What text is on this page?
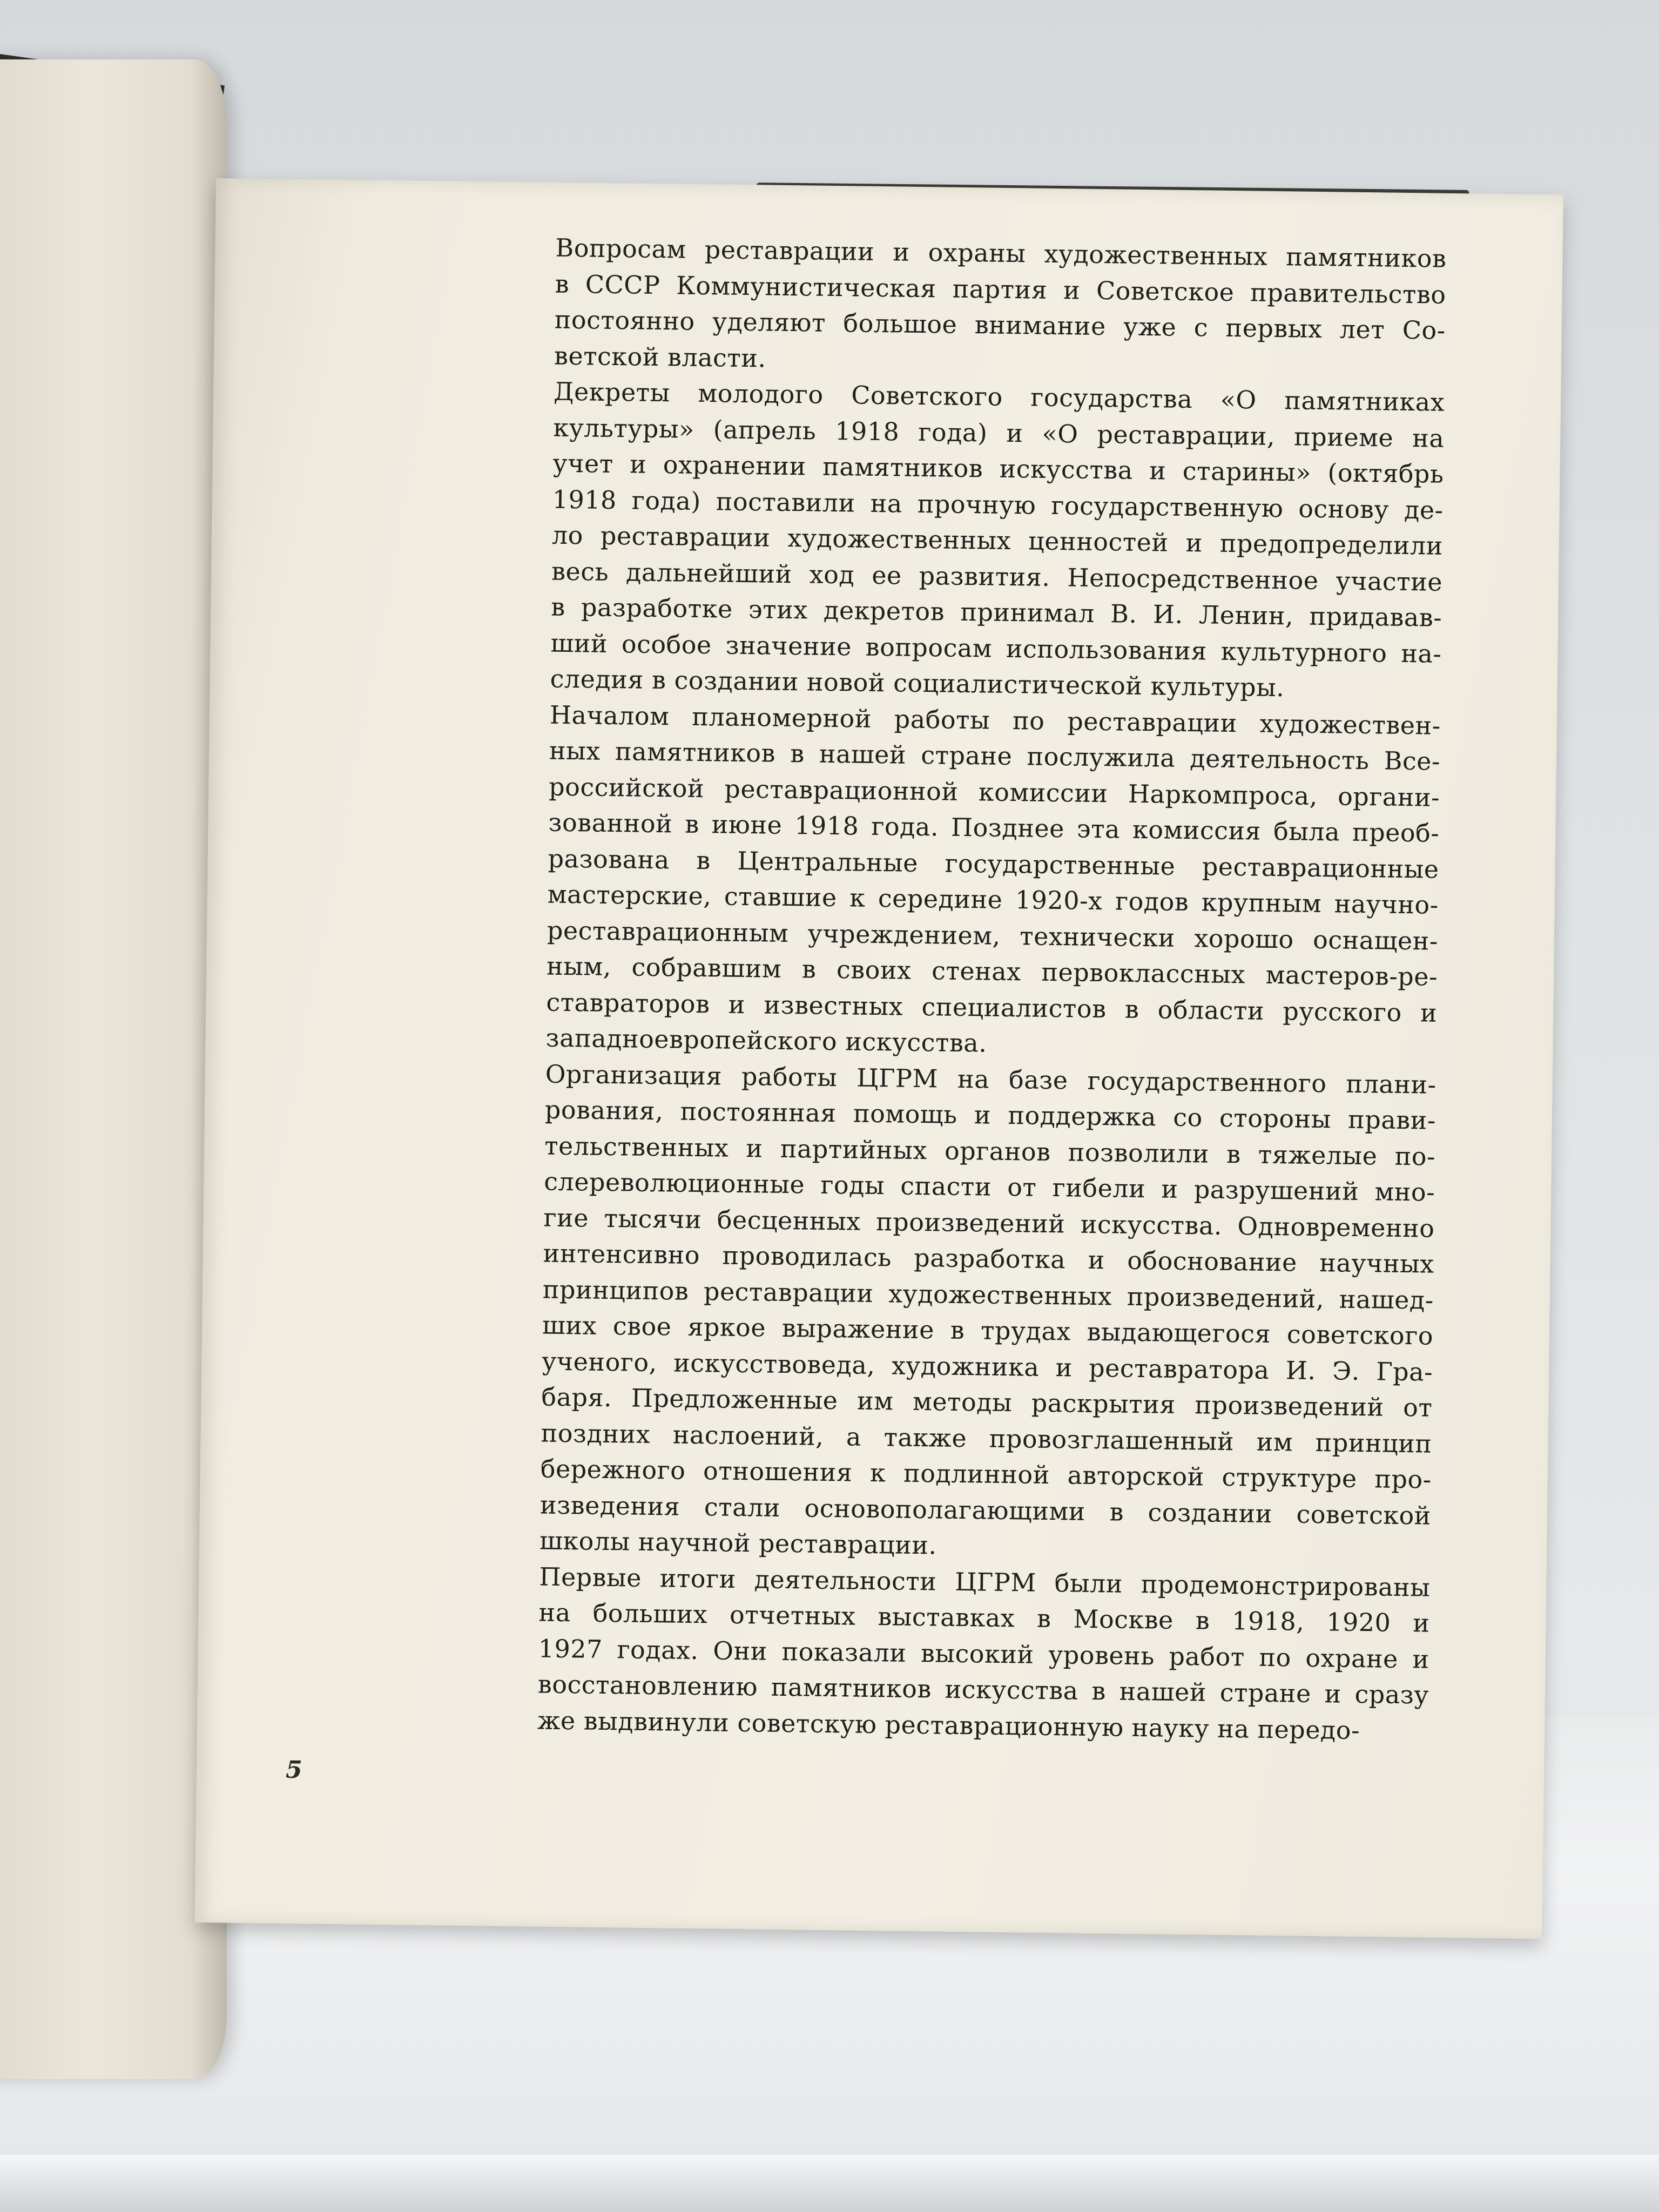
Вопросам реставрации и охраны художественных памятников
в СССР Коммунистическая партия и Советское правительство
постоянно уделяют большое внимание уже с первых лет Со-
ветской власти.
Декреты молодого Советского государства «О памятниках
культуры» (апрель 1918 года) и «О реставрации, приеме на
учет и охранении памятников искусства и старины» (октябрь
1918 года) поставили на прочную государственную основу де-
ло реставрации художественных ценностей и предопределили
весь дальнейший ход ее развития. Непосредственное участие
в разработке этих декретов принимал В. И. Ленин, придавав-
ший особое значение вопросам использования культурного на-
следия в создании новой социалистической культуры.
Началом планомерной работы по реставрации художествен-
ных памятников в нашей стране послужила деятельность Все-
российской реставрационной комиссии Наркомпроса, органи-
зованной в июне 1918 года. Позднее эта комиссия была преоб-
разована в Центральные государственные реставрационные
мастерские, ставшие к середине 1920-х годов крупным научно-
реставрационным учреждением, технически хорошо оснащен-
ным, собравшим в своих стенах первоклассных мастеров-ре-
ставраторов и известных специалистов в области русского и
западноевропейского искусства.
Организация работы ЦГРМ на базе государственного плани-
рования, постоянная помощь и поддержка со стороны прави-
тельственных и партийных органов позволили в тяжелые по-
слереволюционные годы спасти от гибели и разрушений мно-
гие тысячи бесценных произведений искусства. Одновременно
интенсивно проводилась разработка и обоснование научных
принципов реставрации художественных произведений, нашед-
ших свое яркое выражение в трудах выдающегося советского
ученого, искусствоведа, художника и реставратора И. Э. Гра-
баря. Предложенные им методы раскрытия произведений от
поздних наслоений, а также провозглашенный им принцип
бережного отношения к подлинной авторской структуре про-
изведения стали основополагающими в создании советской
школы научной реставрации.
Первые итоги деятельности ЦГРМ были продемонстрированы
на больших отчетных выставках в Москве в 1918, 1920 и
1927 годах. Они показали высокий уровень работ по охране и
восстановлению памятников искусства в нашей стране и сразу
же выдвинули советскую реставрационную науку на передо-
5
